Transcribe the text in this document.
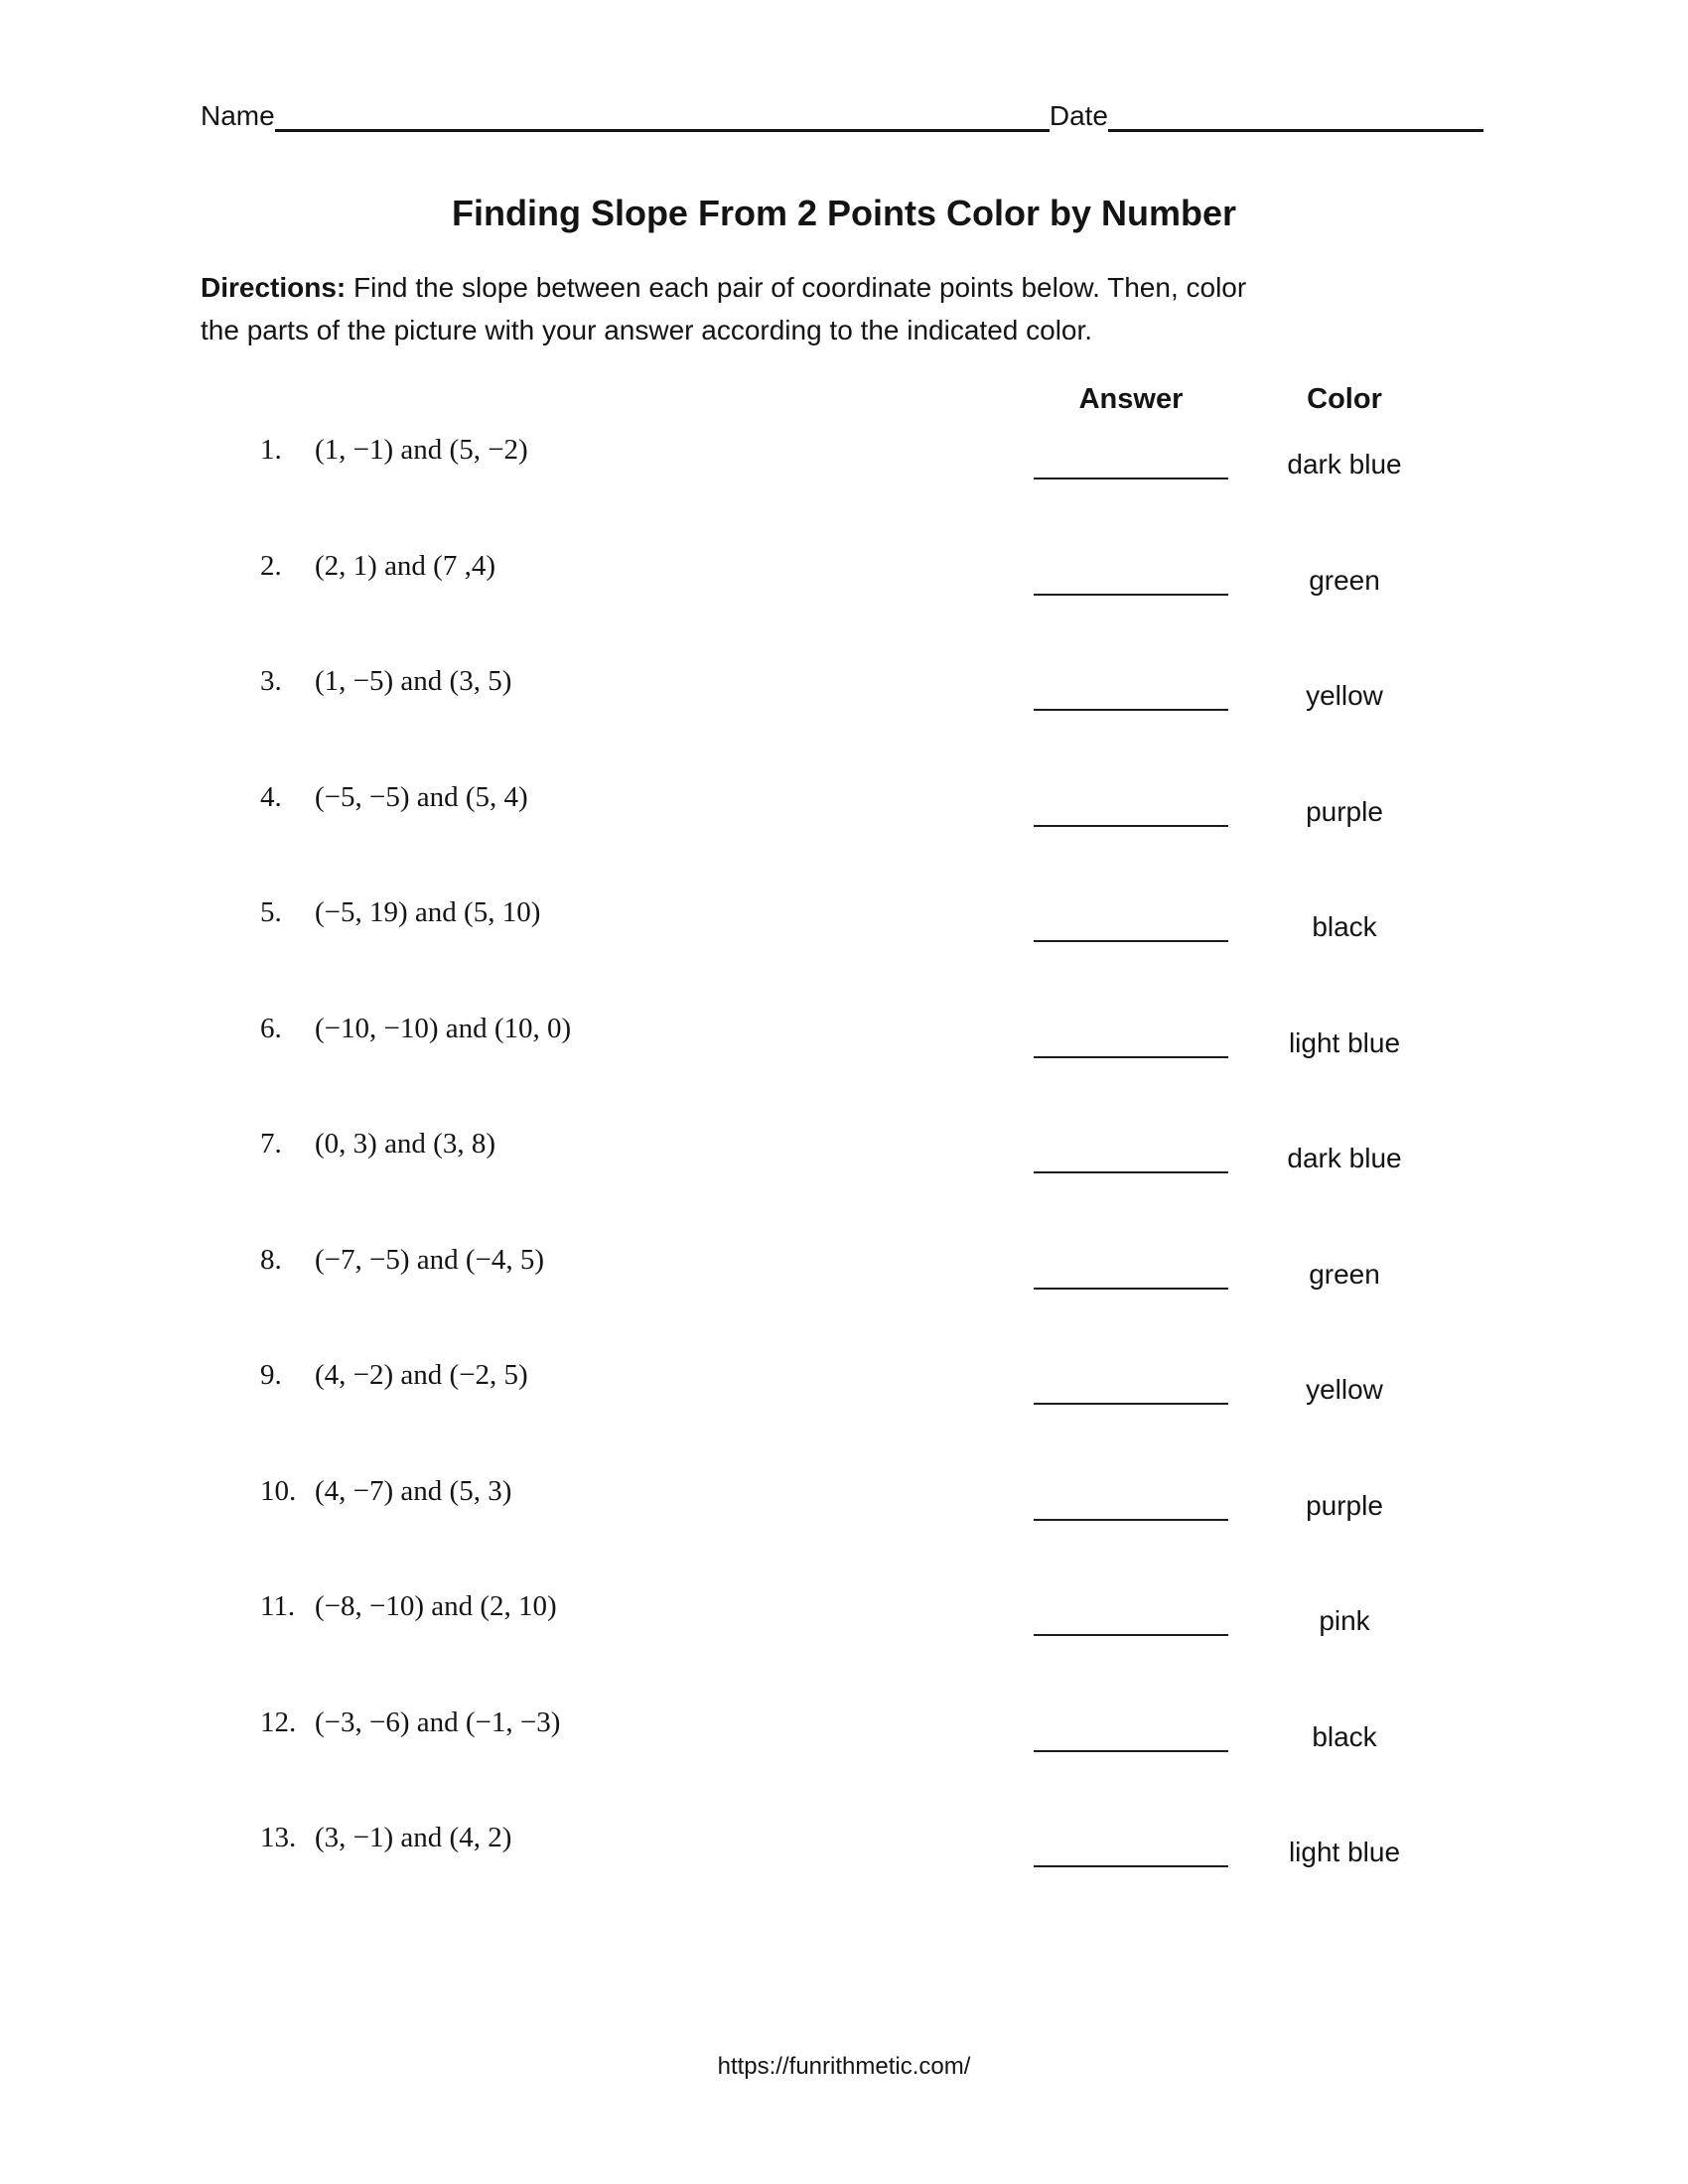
Name	Date
Finding Slope From 2 Points Color by Number

Directions: Find the slope between each pair of coordinate points below. Then, color
the parts of the picture with your answer according to the indicated color.

Answer	Color
1.	(1, −1) and (5, −2)	dark blue
2.	(2, 1) and (7 ,4)	green
3.	(1, −5) and (3, 5)	yellow
4.	(−5, −5) and (5, 4)	purple
5.	(−5, 19) and (5, 10)	black
6.	(−10, −10) and (10, 0)	light blue
7.	(0, 3) and (3, 8)	dark blue
8.	(−7, −5) and (−4, 5)	green
9.	(4, −2) and (−2, 5)	yellow
10. (4, −7) and (5, 3)	purple
11. (−8, −10) and (2, 10)	pink
12. (−3, −6) and (−1, −3)	black
13. (3, −1) and (4, 2)	light blue
https://funrithmetic.com/
